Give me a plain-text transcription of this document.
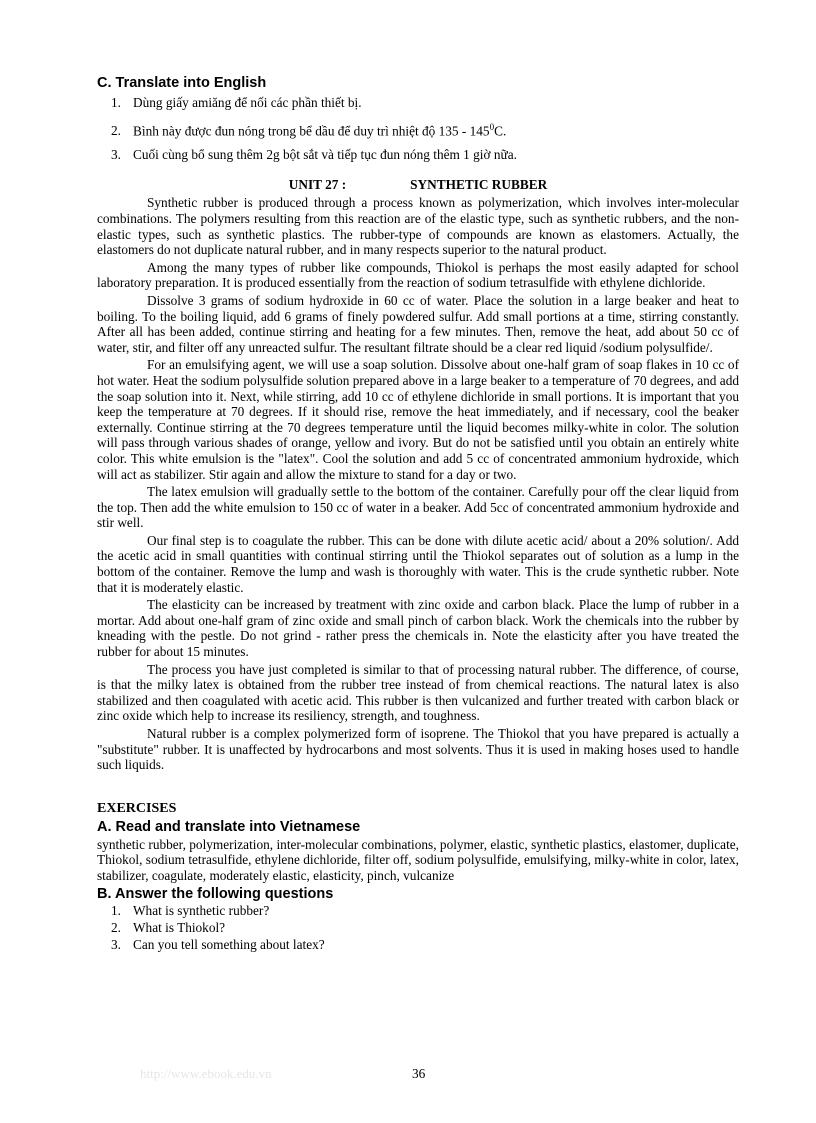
C. Translate into English
1. Dùng giấy amiăng để nối các phần thiết bị.
2. Bình này được đun nóng trong bể dầu để duy trì nhiệt độ $135 - 145^0C$.
3. Cuối cùng bổ sung thêm 2g bột sắt và tiếp tục đun nóng thêm 1 giờ nữa.
UNIT 27 :	SYNTHETIC RUBBER

Synthetic rubber is produced through a process known as polymerization, which involves inter-molecular combinations. The polymers resulting from this reaction are of the elastic type, such as synthetic rubbers, and the non-elastic types, such as synthetic plastics. The rubber-type of compounds are known as elastomers. Actually, the elastomers do not duplicate natural rubber, and in many respects superior to the natural product.

Among the many types of rubber like compounds, Thiokol is perhaps the most easily adapted for school laboratory preparation. It is produced essentially from the reaction of sodium tetrasulfide with ethylene dichloride.

Dissolve 3 grams of sodium hydroxide in 60 cc of water. Place the solution in a large beaker and heat to boiling. To the boiling liquid, add 6 grams of finely powdered sulfur. Add small portions at a time, stirring constantly. After all has been added, continue stirring and heating for a few minutes. Then, remove the heat, add about 50 cc of water, stir, and filter off any unreacted sulfur. The resultant filtrate should be a clear red liquid /sodium polysulfide/.

For an emulsifying agent, we will use a soap solution. Dissolve about one-half gram of soap flakes in 10 cc of hot water. Heat the sodium polysulfide solution prepared above in a large beaker to a temperature of 70 degrees, and add the soap solution into it. Next, while stirring, add 10 cc of ethylene dichloride in small portions. It is important that you keep the temperature at 70 degrees. If it should rise, remove the heat immediately, and if necessary, cool the beaker externally. Continue stirring at the 70 degrees temperature until the liquid becomes milky-white in color. The solution will pass through various shades of orange, yellow and ivory. But do not be satisfied until you obtain an entirely white color. This white emulsion is the "latex". Cool the solution and add 5 cc of concentrated ammonium hydroxide, which will act as stabilizer. Stir again and allow the mixture to stand for a day or two.

The latex emulsion will gradually settle to the bottom of the container. Carefully pour off the clear liquid from the top. Then add the white emulsion to 150 cc of water in a beaker. Add 5cc of concentrated ammonium hydroxide and stir well.

Our final step is to coagulate the rubber. This can be done with dilute acetic acid/ about a 20% solution/. Add the acetic acid in small quantities with continual stirring until the Thiokol separates out of solution as a lump in the bottom of the container. Remove the lump and wash is thoroughly with water. This is the crude synthetic rubber. Note that it is moderately elastic.

The elasticity can be increased by treatment with zinc oxide and carbon black. Place the lump of rubber in a mortar. Add about one-half gram of zinc oxide and small pinch of carbon black. Work the chemicals into the rubber by kneading with the pestle. Do not grind - rather press the chemicals in. Note the elasticity after you have treated the rubber for about 15 minutes.

The process you have just completed is similar to that of processing natural rubber. The difference, of course, is that the milky latex is obtained from the rubber tree instead of from chemical reactions. The natural latex is also stabilized and then coagulated with acetic acid. This rubber is then vulcanized and further treated with carbon black or zinc oxide which help to increase its resiliency, strength, and toughness.

Natural rubber is a complex polymerized form of isoprene. The Thiokol that you have prepared is actually a "substitute" rubber. It is unaffected by hydrocarbons and most solvents. Thus it is used in making hoses used to handle such liquids.

EXERCISES
A. Read and translate into Vietnamese
synthetic rubber, polymerization, inter-molecular combinations, polymer, elastic, synthetic plastics, elastomer, duplicate, Thiokol, sodium tetrasulfide, ethylene dichloride, filter off, sodium polysulfide, emulsifying, milky-white in color, latex, stabilizer, coagulate, moderately elastic, elasticity, pinch, vulcanize
B. Answer the following questions
1. What is synthetic rubber?
2. What is Thiokol?
3. Can you tell something about latex?
http://www.ebook.edu.vn	36
